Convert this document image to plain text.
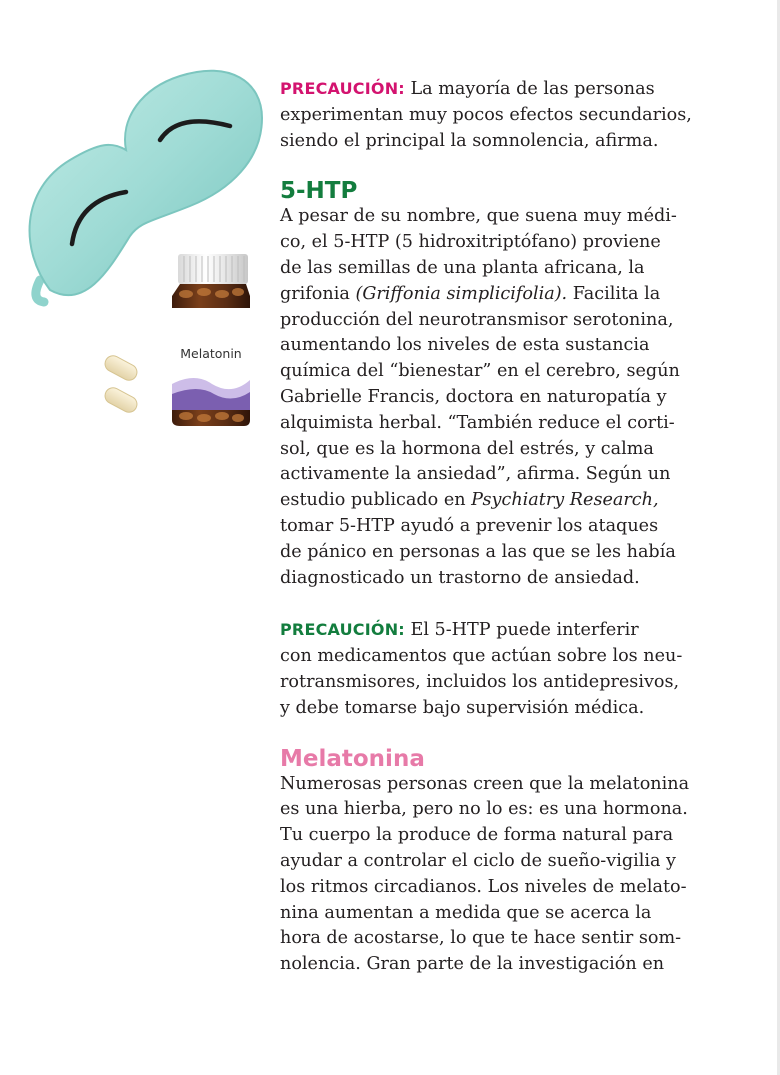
Melatonin

PRECAUCIÓN: La mayoría de las personas
experimentan muy pocos efectos secundarios,
siendo el principal la somnolencia, afirma.

5-HTP

A pesar de su nombre, que suena muy médi-
co, el 5-HTP (5 hidroxitriptófano) proviene
de las semillas de una planta africana, la
grifonia (Griffonia simplicifolia). Facilita la
producción del neurotransmisor serotonina,
aumentando los niveles de esta sustancia
química del “bienestar” en el cerebro, según
Gabrielle Francis, doctora en naturopatía y
alquimista herbal. “También reduce el corti-
sol, que es la hormona del estrés, y calma
activamente la ansiedad”, afirma. Según un
estudio publicado en Psychiatry Research,
tomar 5-HTP ayudó a prevenir los ataques
de pánico en personas a las que se les había
diagnosticado un trastorno de ansiedad.

PRECAUCIÓN: El 5-HTP puede interferir
con medicamentos que actúan sobre los neu-
rotransmisores, incluidos los antidepresivos,
y debe tomarse bajo supervisión médica.

Melatonina

Numerosas personas creen que la melatonina
es una hierba, pero no lo es: es una hormona.
Tu cuerpo la produce de forma natural para
ayudar a controlar el ciclo de sueño-vigilia y
los ritmos circadianos. Los niveles de melato-
nina aumentan a medida que se acerca la
hora de acostarse, lo que te hace sentir som-
nolencia. Gran parte de la investigación en
